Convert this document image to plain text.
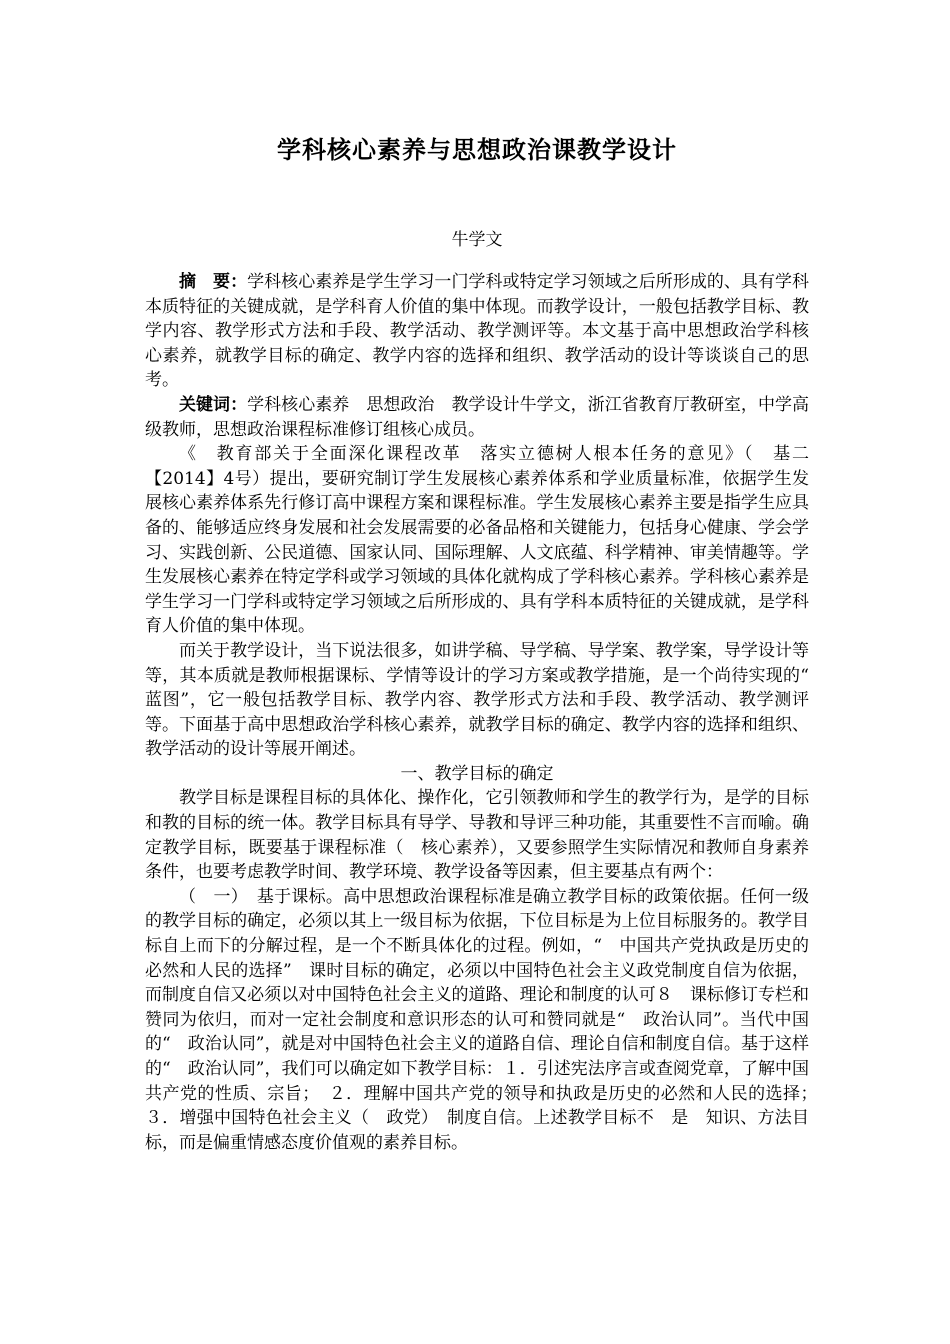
学科核心素养与思想政治课教学设计

牛学文

摘　要：学科核心素养是学生学习一门学科或特定学习领域之后所形成的、具有学科本质特征的关键成就，是学科育人价值的集中体现。而教学设计，一般包括教学目标、教学内容、教学形式方法和手段、教学活动、教学测评等。本文基于高中思想政治学科核　心素养，就教学目标的确定、教学内容的选择和组织、教学活动的设计等谈谈自己的思考。

关键词：学科核心素养　思想政治　教学设计牛学文，浙江省教育厅教研室，中学高级教师，思想政治课程标准修订组核心成员。

《　教育部关于全面深化课程改革　落实立德树人根本任务的意见》（　基二【2014】4号）提出，要研究制订学生发展核心素养体系和学业质量标准，依据学生发展核心素养体系先行修订高中课程方案和课程标准。学生发展核心素养主要是指学生应具备的、能够适应终身发展和社会发展需要的必备品格和关键能力，包括身心健康、学会学习、实践创新、公民道德、国家认同、国际理解、人文底蕴、科学精神、审美情趣等。学生发展核心素养在特定学科或学习领域的具体化就构成了学科核心素养。学科核心素养是学生学习一门学科或特定学习领域之后所形成的、具有学科本质特征的关键成就，是学科育人价值的集中体现。

而关于教学设计，当下说法很多，如讲学稿、导学稿、导学案、教学案，导学设计等等，其本质就是教师根据课标、学情等设计的学习方案或教学措施，是一个尚待实现的“　蓝图”，它一般包括教学目标、教学内容、教学形式方法和手段、教学活动、教学测评等。下面基于高中思想政治学科核心素养，就教学目标的确定、教学内容的选择和组织、教学活动的设计等展开阐述。

一、教学目标的确定

教学目标是课程目标的具体化、操作化，它引领教师和学生的教学行为，是学的目标和教的目标的统一体。教学目标具有导学、导教和导评三种功能，其重要性不言而喻。确定教学目标，既要基于课程标准（　核心素养），又要参照学生实际情况和教师自身素养条件，也要考虑教学时间、教学环境、教学设备等因素，但主要基点有两个：

（　一）　基于课标。高中思想政治课程标准是确立教学目标的政策依据。任何一级的教学目标的确定，必须以其上一级目标为依据，下位目标是为上位目标服务的。教学目标自上而下的分解过程，是一个不断具体化的过程。例如，“　中国共产党执政是历史的必然和人民的选择”　课时目标的确定，必须以中国特色社会主义政党制度自信为依据，而制度自信又必须以对中国特色社会主义的道路、理论和制度的认可８　课标修订专栏和赞同为依归，而对一定社会制度和意识形态的认可和赞同就是“　政治认同”。当代中国的“　政治认同”，就是对中国特色社会主义的道路自信、理论自信和制度自信。基于这样的“　政治认同”，我们可以确定如下教学目标：１．引述宪法序言或查阅党章，了解中国共产党的性质、宗旨；　２．理解中国共产党的领导和执政是历史的必然和人民的选择；　３．增强中国特色社会主义（　政党）　制度自信。上述教学目标不　是　知识、方法目标，而是偏重情感态度价值观的素养目标。
